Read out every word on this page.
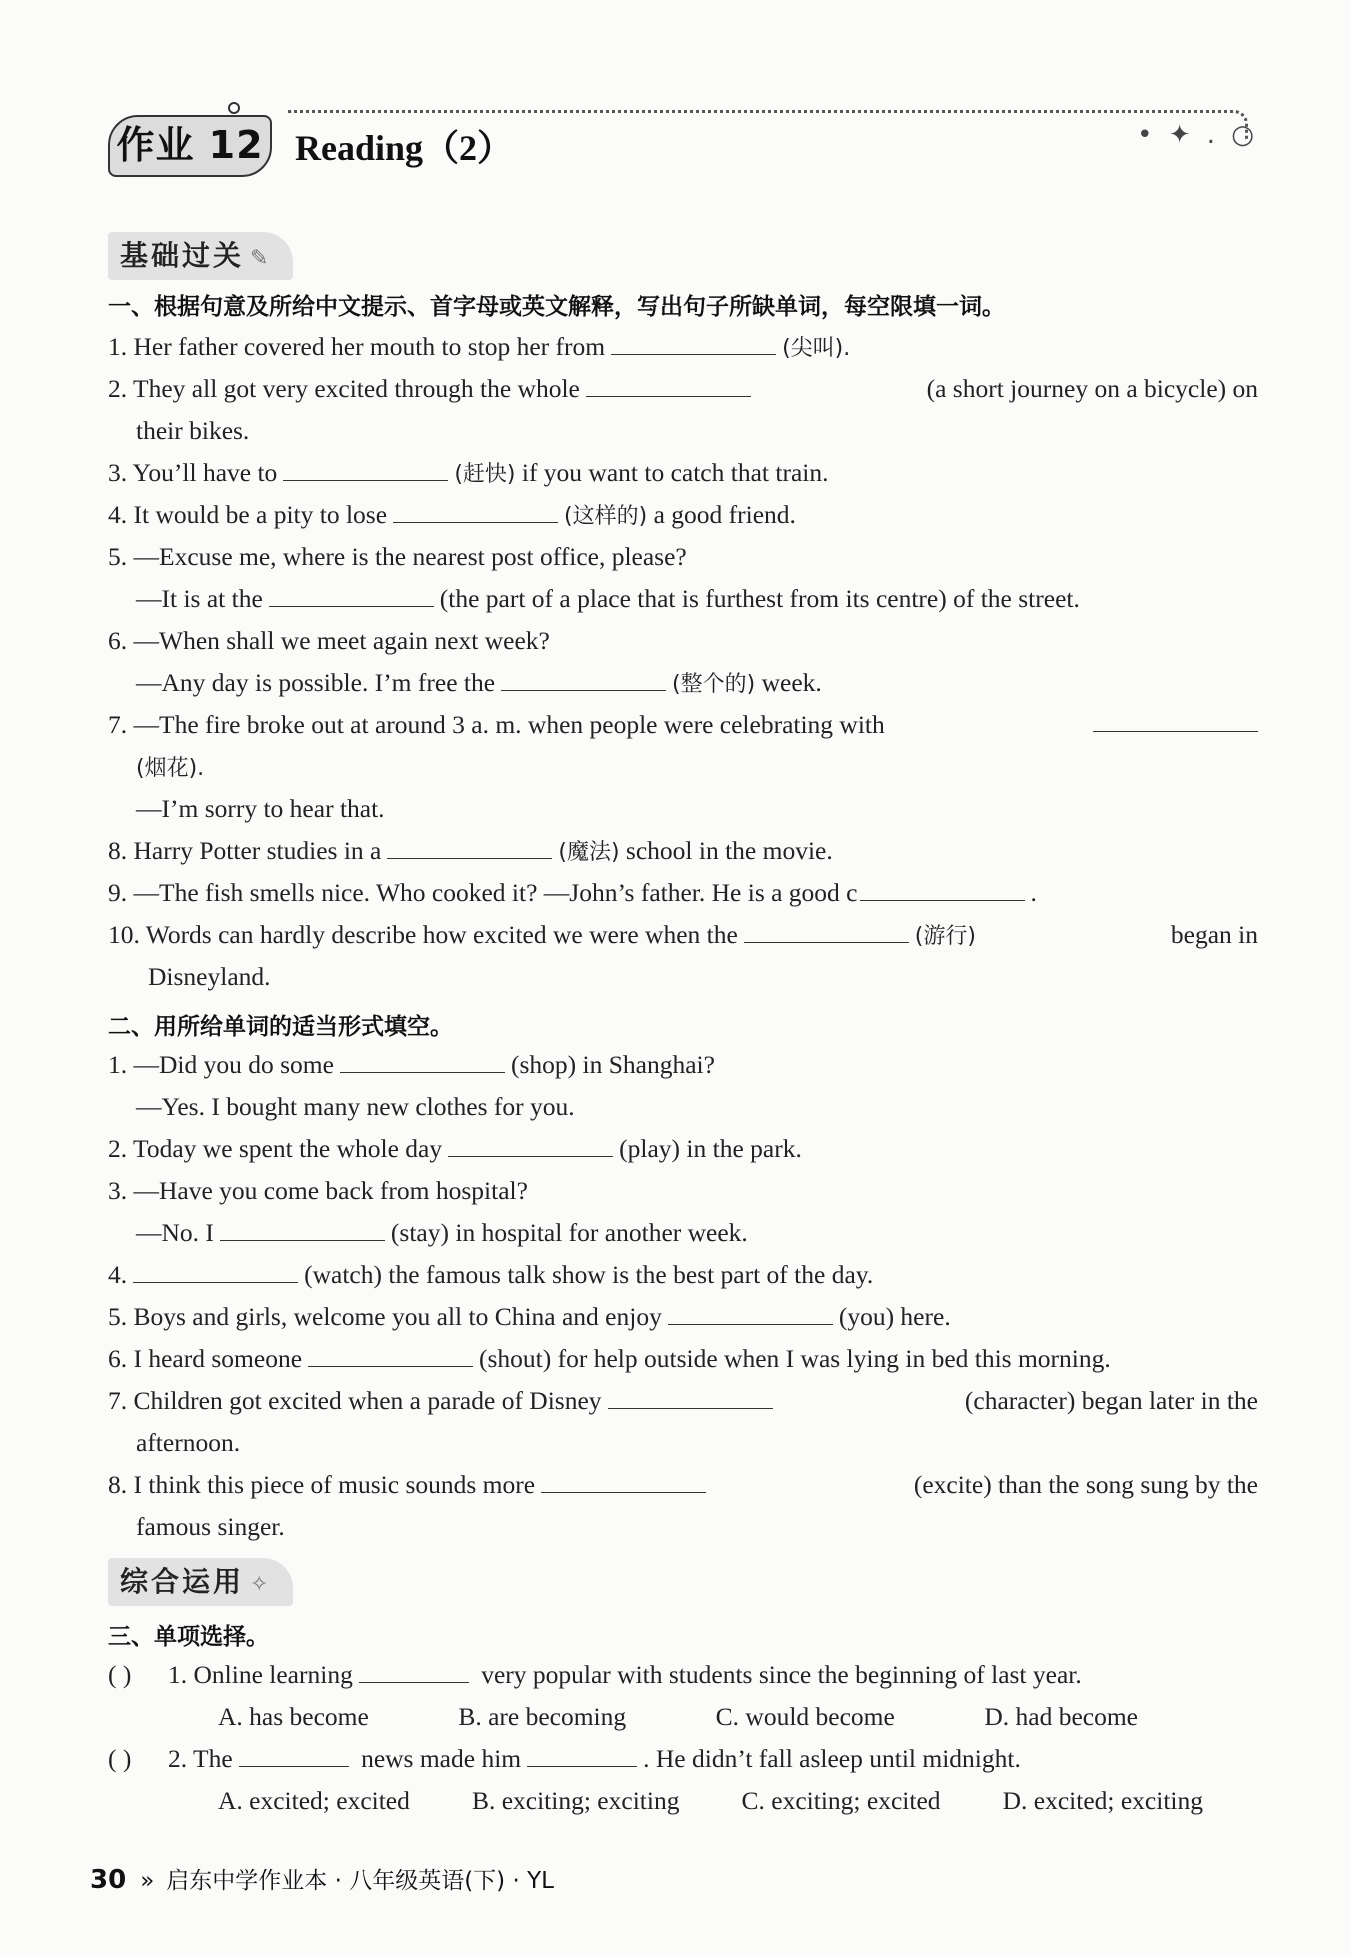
作业 12 Reading（2）	• ✦ . ○
基础过关 ✎
一、根据句意及所给中文提示、首字母或英文解释，写出句子所缺单词，每空限填一词。
1. Her father covered her mouth to stop her from	(尖叫).
2. They all got very excited through the whole	(a short journey on a bicycle) on
their bikes.
3. You’ll have to	(赶快) if you want to catch that train.
4. It would be a pity to lose	(这样的) a good friend.
5. —Excuse me, where is the nearest post office, please?
—It is at the	(the part of a place that is furthest from its centre) of the street.
6. —When shall we meet again next week?
—Any day is possible. I’m free the	(整个的) week.
7. —The fire broke out at around 3 a. m. when people were celebrating with
(烟花).
—I’m sorry to hear that.
8. Harry Potter studies in a	(魔法) school in the movie.
9. —The fish smells nice. Who cooked it? —John’s father. He is a good c	.
10. Words can hardly describe how excited we were when the	(游行)	began in
Disneyland.
二、用所给单词的适当形式填空。
1. —Did you do some	(shop) in Shanghai?
—Yes. I bought many new clothes for you.
2. Today we spent the whole day	(play) in the park.
3. —Have you come back from hospital?
—No. I	(stay) in hospital for another week.
4.	(watch) the famous talk show is the best part of the day.
5. Boys and girls, welcome you all to China and enjoy	(you) here.
6. I heard someone	(shout) for help outside when I was lying in bed this morning.
7. Children got excited when a parade of Disney	(character) began later in the
afternoon.
8. I think this piece of music sounds more	(excite) than the song sung by the
famous singer.
综合运用 ✧
三、单项选择。
( ) 1. Online learning	very popular with students since the beginning of last year.
A. has become	B. are becoming	C. would become	D. had become
( ) 2. The	news made him	. He didn’t fall asleep until midnight.
A. excited; excited B. exciting; exciting C. exciting; excited D. excited; exciting
30 » 启东中学作业本 · 八年级英语(下) · YL
